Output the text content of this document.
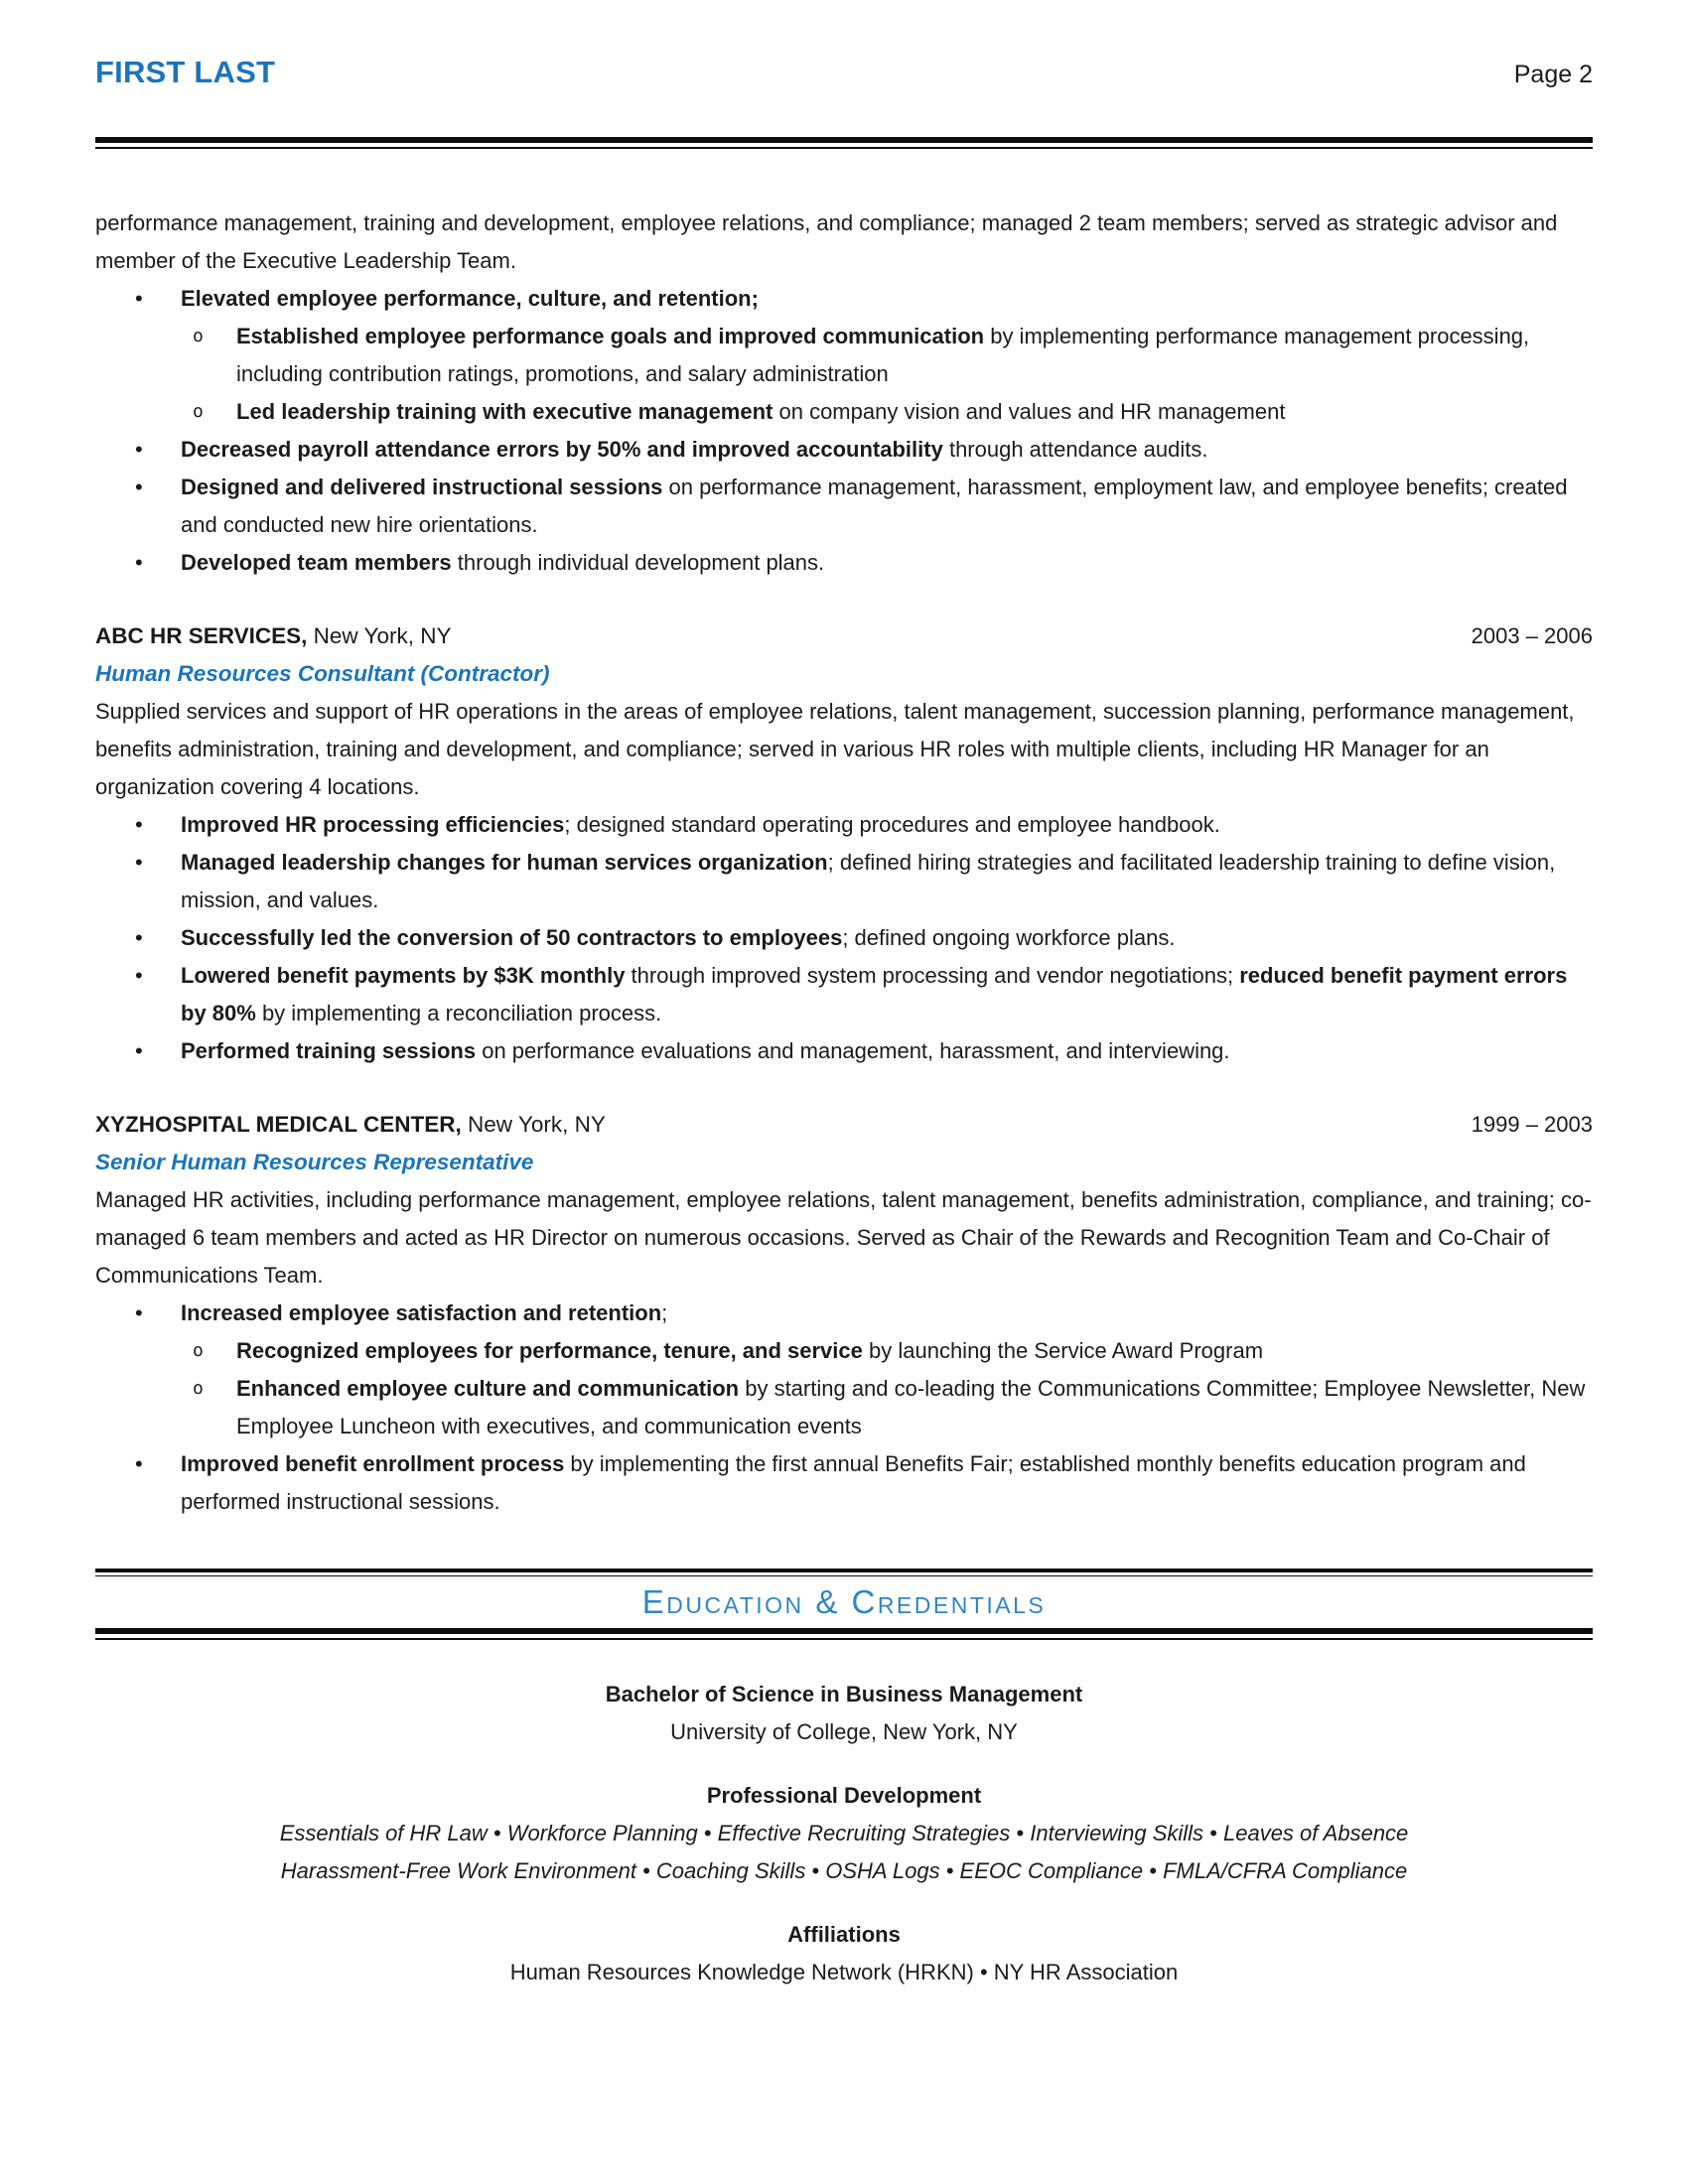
FIRST LAST	Page 2

performance management, training and development, employee relations, and compliance; managed 2 team members; served as strategic advisor and member of the Executive Leadership Team.

•	Elevated employee performance, culture, and retention;

o	Established employee performance goals and improved communication by implementing performance management processing, including contribution ratings, promotions, and salary administration

o	Led leadership training with executive management on company vision and values and HR management

•	Decreased payroll attendance errors by 50% and improved accountability through attendance audits.

•	Designed and delivered instructional sessions on performance management, harassment, employment law, and employee benefits; created and conducted new hire orientations.

•	Developed team members through individual development plans.

ABC HR SERVICES, New York, NY	2003 – 2006

Human Resources Consultant (Contractor)

Supplied services and support of HR operations in the areas of employee relations, talent management, succession planning, performance management, benefits administration, training and development, and compliance; served in various HR roles with multiple clients, including HR Manager for an organization covering 4 locations.

•	Improved HR processing efficiencies; designed standard operating procedures and employee handbook.

•	Managed leadership changes for human services organization; defined hiring strategies and facilitated leadership training to define vision, mission, and values.

•	Successfully led the conversion of 50 contractors to employees; defined ongoing workforce plans.

•	Lowered benefit payments by $3K monthly through improved system processing and vendor negotiations; reduced benefit payment errors by 80% by implementing a reconciliation process.

•	Performed training sessions on performance evaluations and management, harassment, and interviewing.

XYZHOSPITAL MEDICAL CENTER, New York, NY	1999 – 2003

Senior Human Resources Representative

Managed HR activities, including performance management, employee relations, talent management, benefits administration, compliance, and training; co-managed 6 team members and acted as HR Director on numerous occasions. Served as Chair of the Rewards and Recognition Team and Co-Chair of Communications Team.

•	Increased employee satisfaction and retention;

o	Recognized employees for performance, tenure, and service by launching the Service Award Program

o	Enhanced employee culture and communication by starting and co-leading the Communications Committee; Employee Newsletter, New Employee Luncheon with executives, and communication events

•	Improved benefit enrollment process by implementing the first annual Benefits Fair; established monthly benefits education program and performed instructional sessions.

Education & Credentials

Bachelor of Science in Business Management

University of College, New York, NY

Professional Development

Essentials of HR Law • Workforce Planning • Effective Recruiting Strategies • Interviewing Skills • Leaves of Absence

Harassment-Free Work Environment • Coaching Skills • OSHA Logs • EEOC Compliance • FMLA/CFRA Compliance

Affiliations

Human Resources Knowledge Network (HRKN) • NY HR Association
